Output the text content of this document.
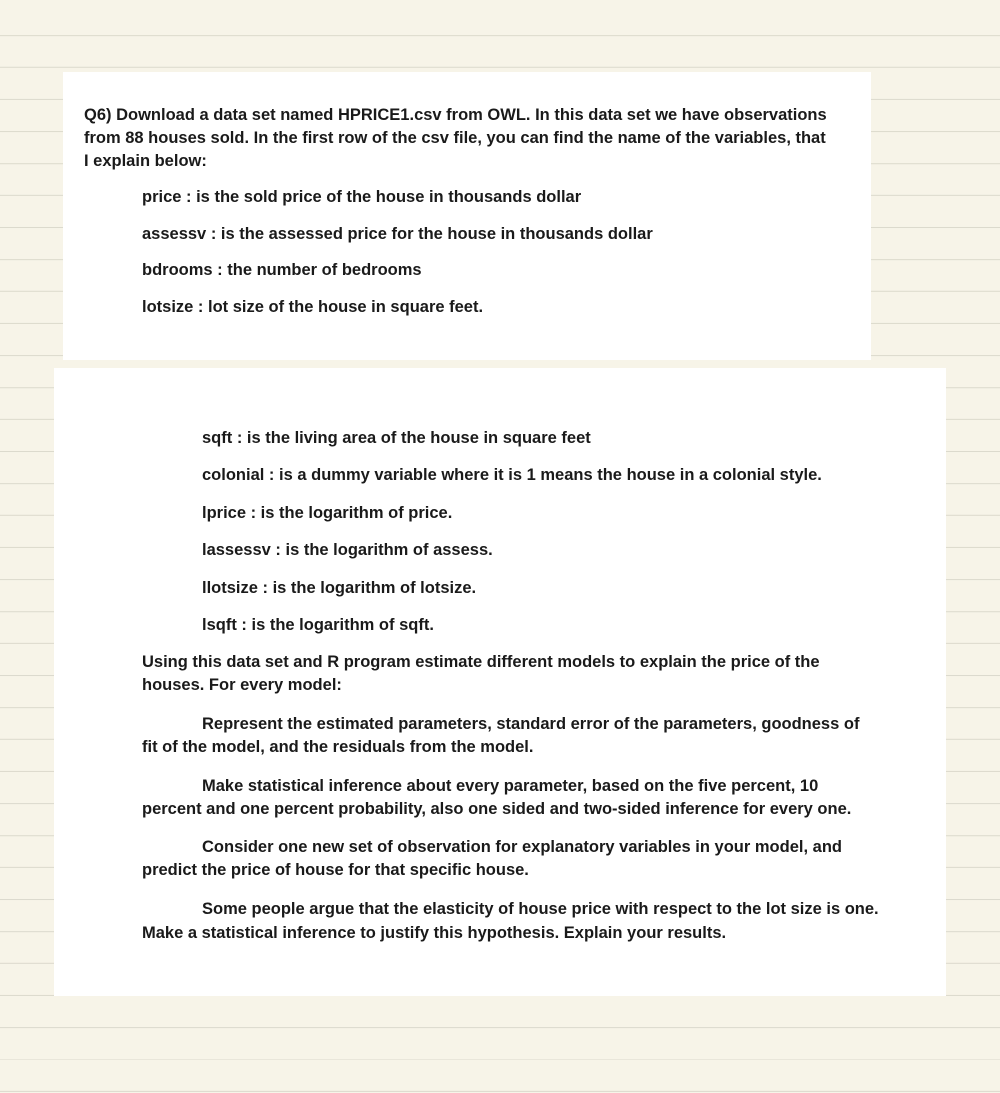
Q6) Download a data set named HPRICE1.csv from OWL. In this data set we have observations

from 88 houses sold. In the first row of the csv file, you can find the name of the variables, that

I explain below:

price : is the sold price of the house in thousands dollar

assessv : is the assessed price for the house in thousands dollar

bdrooms : the number of bedrooms

lotsize : lot size of the house in square feet.

sqft : is the living area of the house in square feet

colonial : is a dummy variable where it is 1 means the house in a colonial style.

lprice : is the logarithm of price.

lassessv : is the logarithm of assess.

llotsize : is the logarithm of lotsize.

lsqft : is the logarithm of sqft.

Using this data set and R program estimate different models to explain the price of the

houses. For every model:

Represent the estimated parameters, standard error of the parameters, goodness of

fit of the model, and the residuals from the model.

Make statistical inference about every parameter, based on the five percent, 10

percent and one percent probability, also one sided and two-sided inference for every one.

Consider one new set of observation for explanatory variables in your model, and

predict the price of house for that specific house.

Some people argue that the elasticity of house price with respect to the lot size is one.

Make a statistical inference to justify this hypothesis. Explain your results.
